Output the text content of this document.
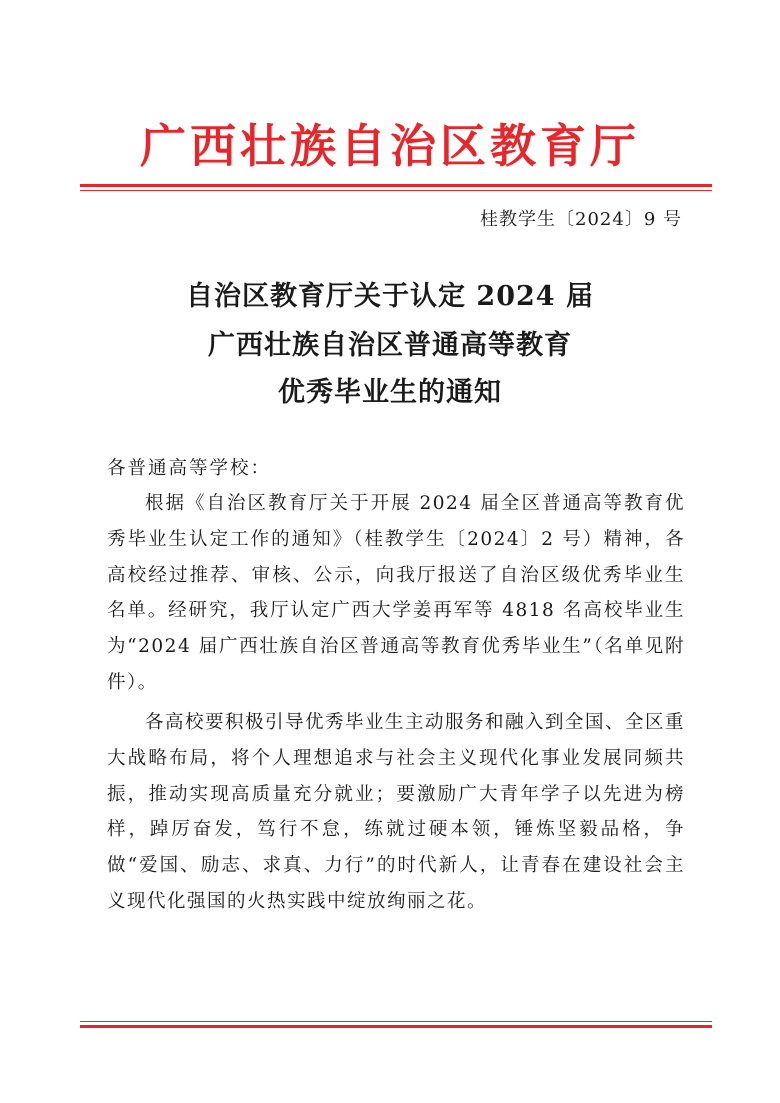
广西壮族自治区教育厅
桂教学生〔2024〕9 号
自治区教育厅关于认定 2024 届
广西壮族自治区普通高等教育
优秀毕业生的通知
各普通高等学校：

根据《自治区教育厅关于开展 2024 届全区普通高等教育优秀毕业生认定工作的通知》（桂教学生〔2024〕2 号）精神，各高校经过推荐、审核、公示，向我厅报送了自治区级优秀毕业生名单。经研究，我厅认定广西大学姜再军等 4818 名高校毕业生为“2024 届广西壮族自治区普通高等教育优秀毕业生”（名单见附件）。

各高校要积极引导优秀毕业生主动服务和融入到全国、全区重大战略布局，将个人理想追求与社会主义现代化事业发展同频共振，推动实现高质量充分就业；要激励广大青年学子以先进为榜样，踔厉奋发，笃行不怠，练就过硬本领，锤炼坚毅品格，争做“爱国、励志、求真、力行”的时代新人，让青春在建设社会主义现代化强国的火热实践中绽放绚丽之花。
